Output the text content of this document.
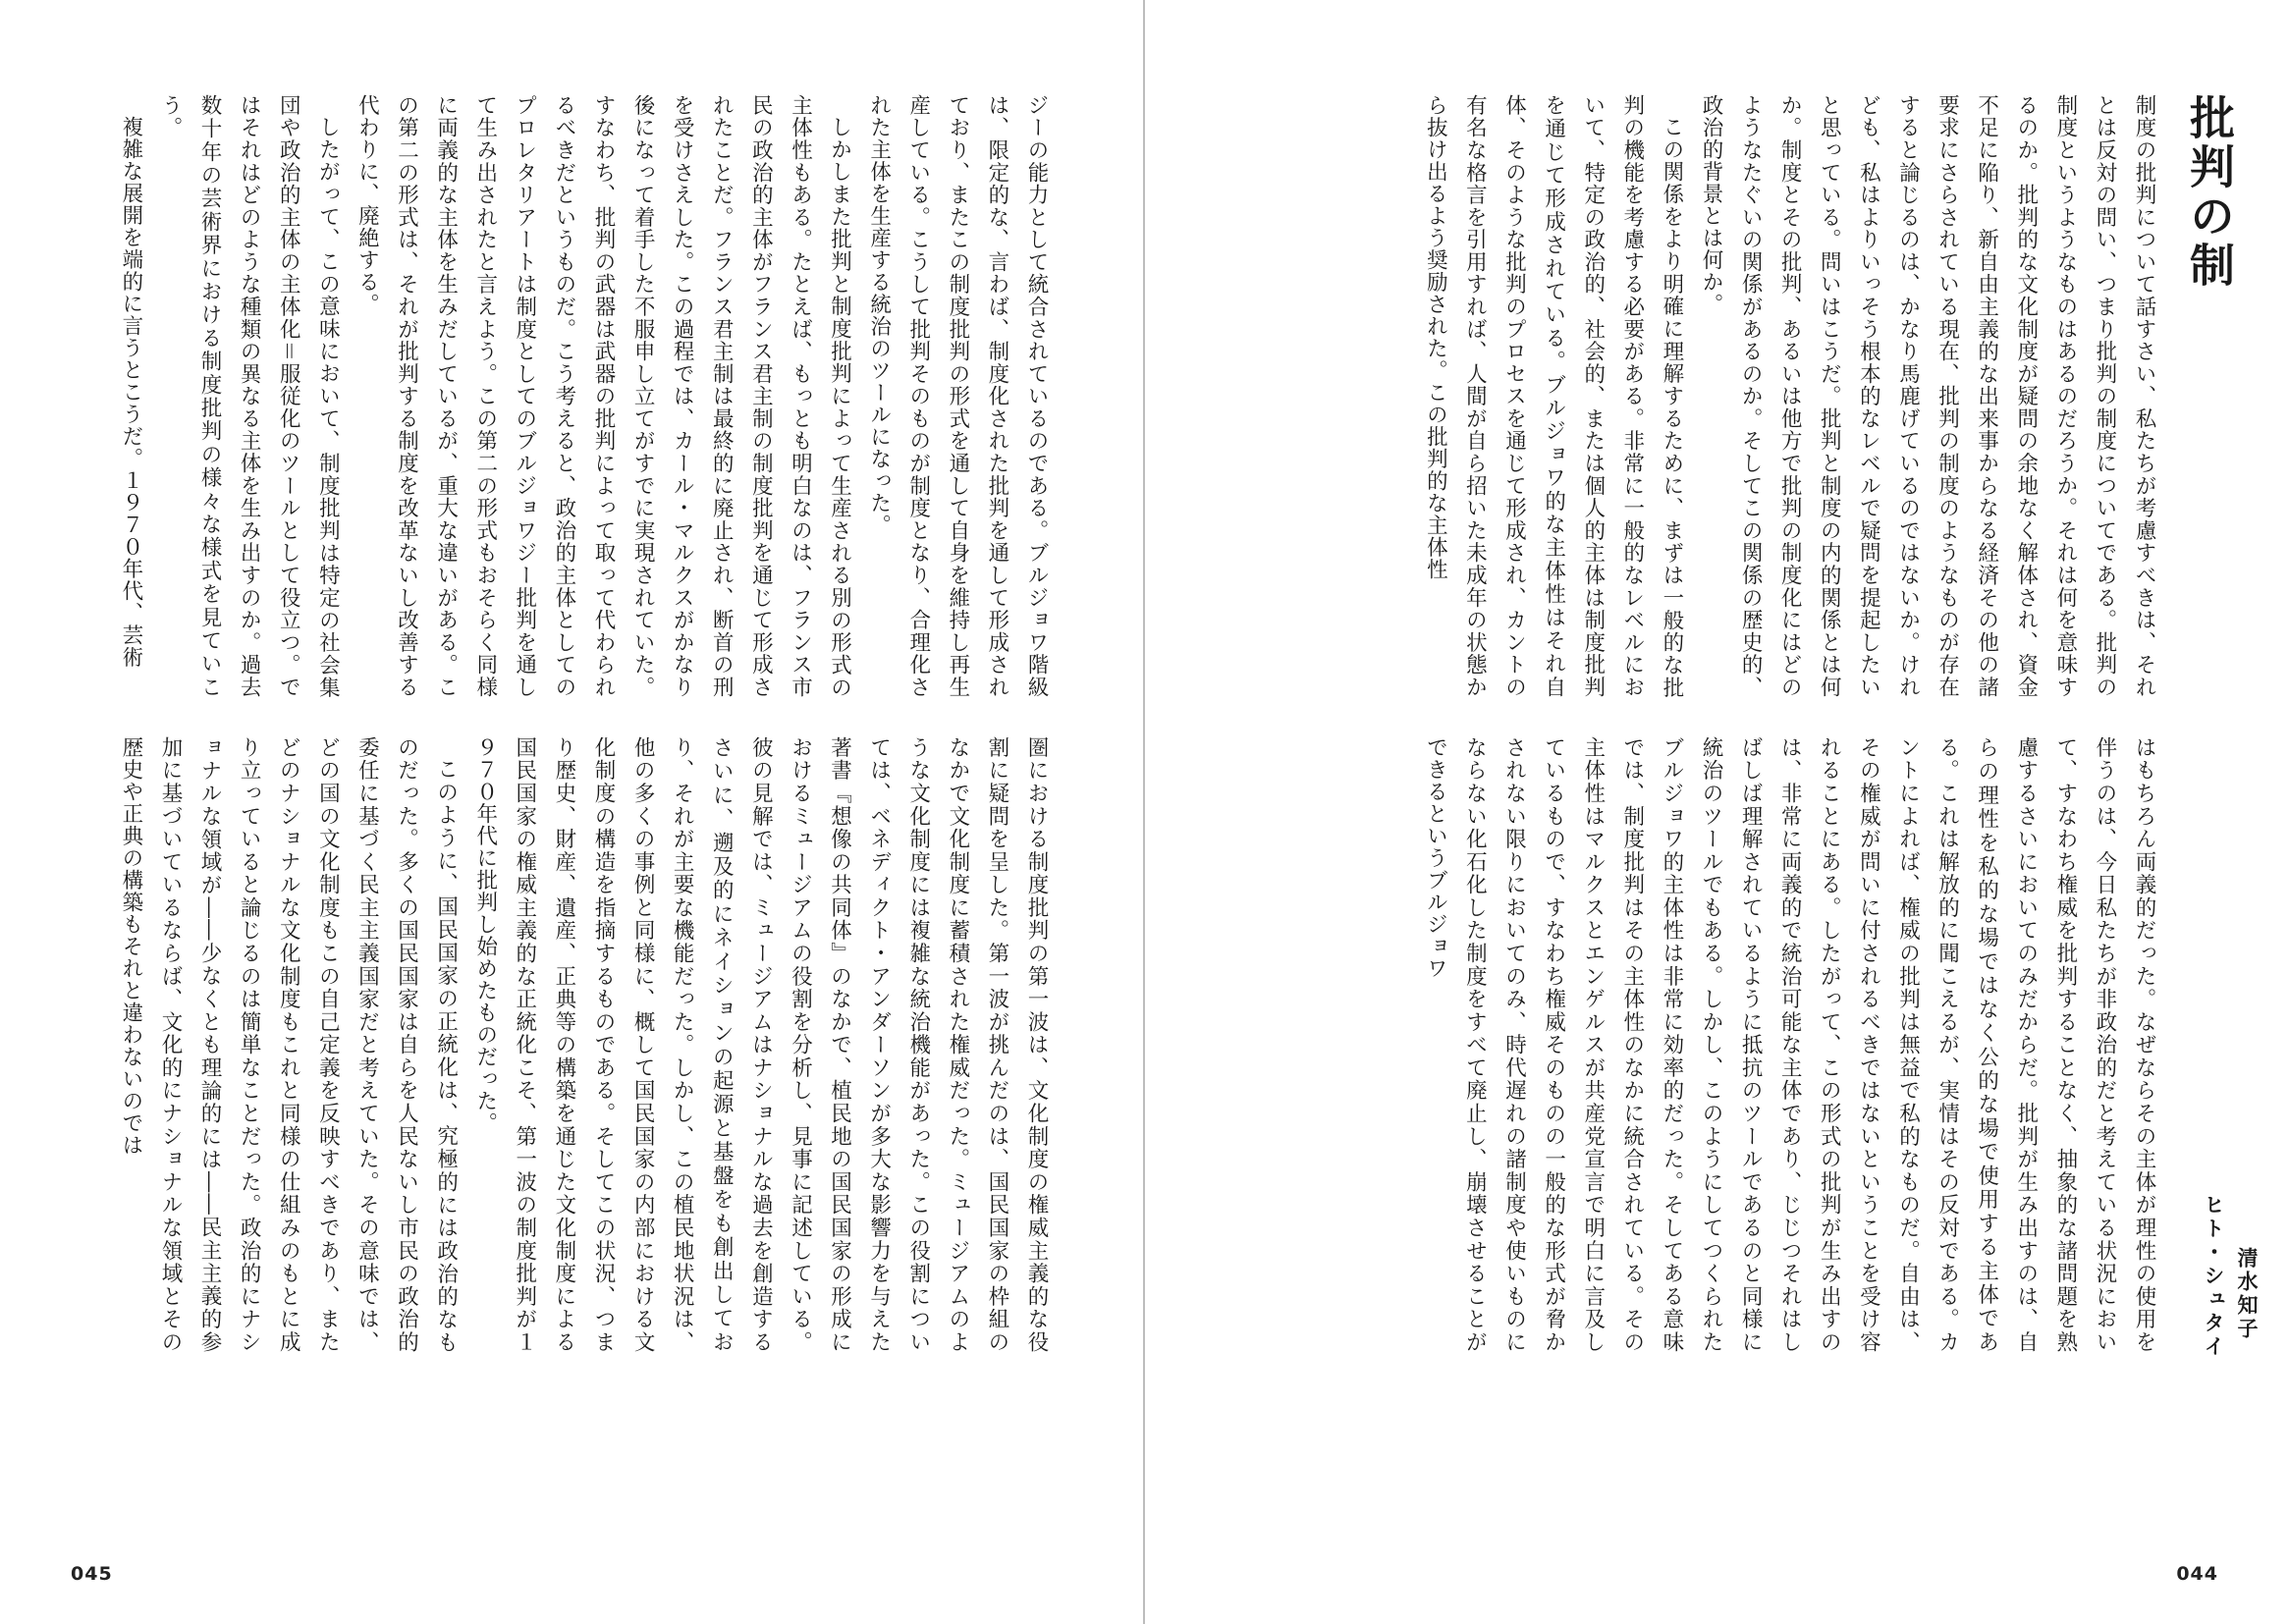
批判の制

制度の批判について話すさい、私たちが考慮すべきは、それとは反対の問い、つまり批判の制度についてである。批判の制度というようなものはあるのだろうか。それは何を意味するのか。批判的な文化制度が疑問の余地なく解体され、資金不足に陥り、新自由主義的な出来事からなる経済その他の諸要求にさらされている現在、批判の制度のようなものが存在すると論じるのは、かなり馬鹿げているのではないか。けれども、私はよりいっそう根本的なレベルで疑問を提起したいと思っている。問いはこうだ。批判と制度の内的関係とは何か。制度とその批判、あるいは他方で批判の制度化にはどのようなたぐいの関係があるのか。そしてこの関係の歴史的、政治的背景とは何か。

この関係をより明確に理解するために、まずは一般的な批判の機能を考慮する必要がある。非常に一般的なレベルにおいて、特定の政治的、社会的、または個人的主体は制度批判を通じて形成されている。ブルジョワ的な主体性はそれ自体、そのような批判のプロセスを通じて形成され、カントの有名な格言を引用すれば、人間が自ら招いた未成年の状態から抜け出るよう奨励された。この批判的な主体性

はもちろん両義的だった。なぜならその主体が理性の使用を伴うのは、今日私たちが非政治的だと考えている状況において、すなわち権威を批判することなく、抽象的な諸問題を熟慮するさいにおいてのみだからだ。批判が生み出すのは、自らの理性を私的な場ではなく公的な場で使用する主体である。これは解放的に聞こえるが、実情はその反対である。カントによれば、権威の批判は無益で私的なものだ。自由は、その権威が問いに付されるべきではないということを受け容れることにある。したがって、この形式の批判が生み出すのは、非常に両義的で統治可能な主体であり、じじつそれはしばしば理解されているように抵抗のツールであるのと同様に統治のツールでもある。しかし、このようにしてつくられたブルジョワ的主体性は非常に効率的だった。そしてある意味では、制度批判はその主体性のなかに統合されている。その主体性はマルクスとエンゲルスが共産党宣言で明白に言及しているもので、すなわち権威そのものの一般的な形式が脅かされない限りにおいてのみ、時代遅れの諸制度や使いものにならない化石化した制度をすべて廃止し、崩壊させることができるというブルジョワ

ヒト・シュタイ
清水知子
044

ジーの能力として統合されているのである。ブルジョワ階級は、限定的な、言わば、制度化された批判を通して形成されており、またこの制度批判の形式を通して自身を維持し再生産している。こうして批判そのものが制度となり、合理化された主体を生産する統治のツールになった。

しかしまた批判と制度批判によって生産される別の形式の主体性もある。たとえば、もっとも明白なのは、フランス市民の政治的主体がフランス君主制の制度批判を通じて形成されたことだ。フランス君主制は最終的に廃止され、断首の刑を受けさえした。この過程では、カール・マルクスがかなり後になって着手した不服申し立てがすでに実現されていた。すなわち、批判の武器は武器の批判によって取って代わられるべきだというものだ。こう考えると、政治的主体としてのプロレタリアートは制度としてのブルジョワジー批判を通して生み出されたと言えよう。この第二の形式もおそらく同様に両義的な主体を生みだしているが、重大な違いがある。この第二の形式は、それが批判する制度を改革ないし改善する代わりに、廃絶する。

したがって、この意味において、制度批判は特定の社会集団や政治的主体の主体化＝服従化のツールとして役立つ。ではそれはどのような種類の異なる主体を生み出すのか。過去数十年の芸術界における制度批判の様々な様式を見ていこう。

複雑な展開を端的に言うとこうだ。１９７０年代、芸術

圏における制度批判の第一波は、文化制度の権威主義的な役割に疑問を呈した。第一波が挑んだのは、国民国家の枠組のなかで文化制度に蓄積された権威だった。ミュージアムのような文化制度には複雑な統治機能があった。この役割については、ベネディクト・アンダーソンが多大な影響力を与えた著書『想像の共同体』のなかで、植民地の国民国家の形成におけるミュージアムの役割を分析し、見事に記述している。彼の見解では、ミュージアムはナショナルな過去を創造するさいに、遡及的にネイションの起源と基盤をも創出しており、それが主要な機能だった。しかし、この植民地状況は、他の多くの事例と同様に、概して国民国家の内部における文化制度の構造を指摘するものである。そしてこの状況、つまり歴史、財産、遺産、正典等の構築を通じた文化制度による国民国家の権威主義的な正統化こそ、第一波の制度批判が１９７０年代に批判し始めたものだった。

このように、国民国家の正統化は、究極的には政治的なものだった。多くの国民国家は自らを人民ないし市民の政治的委任に基づく民主主義国家だと考えていた。その意味では、どの国の文化制度もこの自己定義を反映すべきであり、またどのナショナルな文化制度もこれと同様の仕組みのもとに成り立っていると論じるのは簡単なことだった。政治的にナショナルな領域が――少なくとも理論的には――民主主義的参加に基づいているならば、文化的にナショナルな領域とその歴史や正典の構築もそれと違わないのでは

045
